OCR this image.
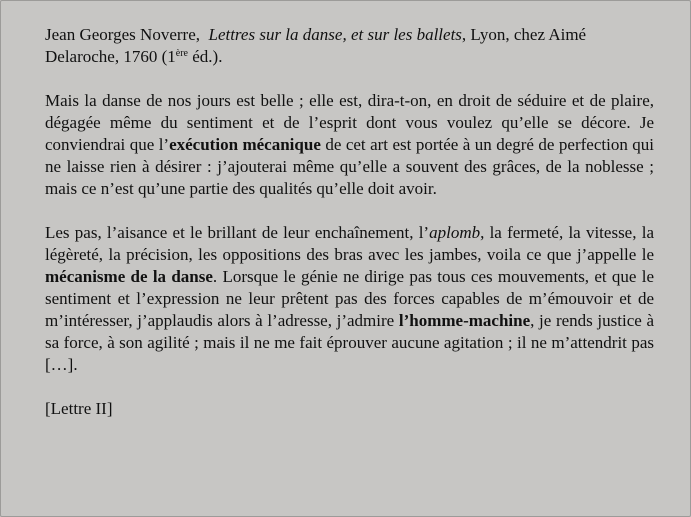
Jean Georges Noverre, Lettres sur la danse, et sur les ballets, Lyon, chez Aimé Delaroche, 1760 (1ère éd.).

Mais la danse de nos jours est belle ; elle est, dira-t-on, en droit de séduire et de plaire, dégagée même du sentiment et de l’esprit dont vous voulez qu’elle se décore. Je conviendrai que l’exécution mécanique de cet art est portée à un degré de perfection qui ne laisse rien à désirer : j’ajouterai même qu’elle a souvent des grâces, de la noblesse ; mais ce n’est qu’une partie des qualités qu’elle doit avoir.

Les pas, l’aisance et le brillant de leur enchaînement, l’aplomb, la fermeté, la vitesse, la légèreté, la précision, les oppositions des bras avec les jambes, voila ce que j’appelle le mécanisme de la danse. Lorsque le génie ne dirige pas tous ces mouvements, et que le sentiment et l’expression ne leur prêtent pas des forces capables de m’émouvoir et de m’intéresser, j’applaudis alors à l’adresse, j’admire l’homme-machine, je rends justice à sa force, à son agilité ; mais il ne me fait éprouver aucune agitation ; il ne m’attendrit pas […].

[Lettre II]
